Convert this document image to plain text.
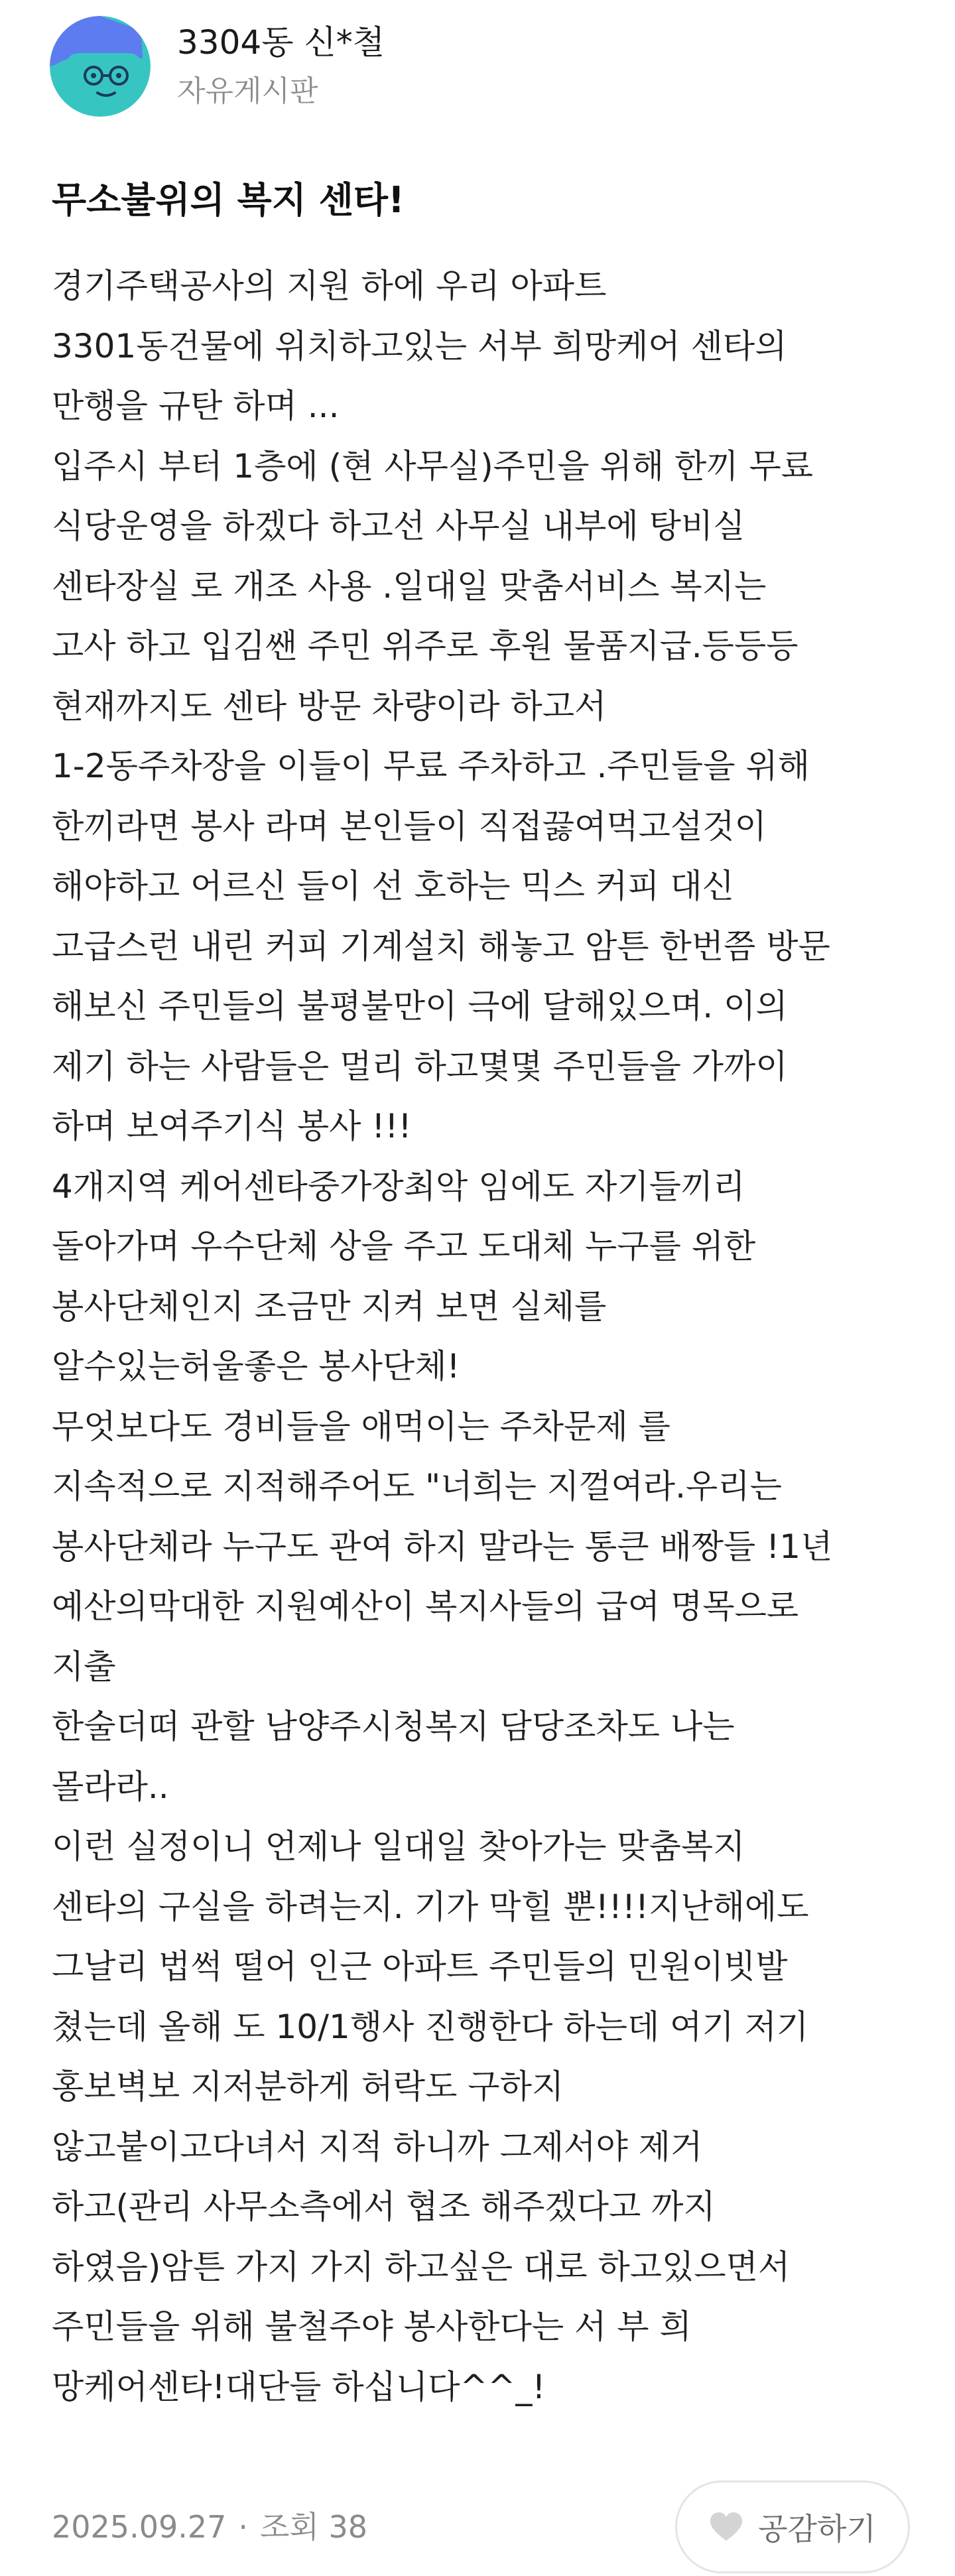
3304동 신*철
자유게시판
무소불위의 복지 센타!
경기주택공사의 지원 하에 우리 아파트
3301동건물에 위치하고있는 서부 희망케어 센타의
만행을 규탄 하며 ...
입주시 부터 1층에 (현 사무실)주민을 위해 한끼 무료
식당운영을 하겠다 하고선 사무실 내부에 탕비실
센타장실 로 개조 사용 .일대일 맞춤서비스 복지는
고사 하고 입김쌘 주민 위주로 후원 물품지급.등등등
현재까지도 센타 방문 차량이라 하고서
1-2동주차장을 이들이 무료 주차하고 .주민들을 위해
한끼라면 봉사 라며 본인들이 직접끓여먹고설것이
해야하고 어르신 들이 선 호하는 믹스 커피 대신
고급스런 내린 커피 기계설치 해놓고 암튼 한번쯤 방문
해보신 주민들의 불평불만이 극에 달해있으며. 이의
제기 하는 사람들은 멀리 하고몇몇 주민들을 가까이
하며 보여주기식 봉사 !!!
4개지역 케어센타중가장최악 임에도 자기들끼리
돌아가며 우수단체 상을 주고 도대체 누구를 위한
봉사단체인지 조금만 지켜 보면 실체를
알수있는허울좋은 봉사단체!
무엇보다도 경비들을 애먹이는 주차문제 를
지속적으로 지적해주어도 "너희는 지껄여라.우리는
봉사단체라 누구도 관여 하지 말라는 통큰 배짱들 !1년
예산의막대한 지원예산이 복지사들의 급여 명목으로
지출
한술더떠 관할 남양주시청복지 담당조차도 나는
몰라라..
이런 실정이니 언제나 일대일 찾아가는 맞춤복지
센타의 구실을 하려는지. 기가 막힐 뿐!!!!지난해에도
그날리 법썩 떨어 인근 아파트 주민들의 민원이빗발
쳤는데 올해 도 10/1행사 진행한다 하는데 여기 저기
홍보벽보 지저분하게 허락도 구하지
않고붙이고다녀서 지적 하니까 그제서야 제거
하고(관리 사무소측에서 협조 해주겠다고 까지
하였음)암튼 가지 가지 하고싶은 대로 하고있으면서
주민들을 위해 불철주야 봉사한다는 서 부 희
망케어센타!대단들 하십니다^^_!
2025.09.27 · 조회 38	공감하기
